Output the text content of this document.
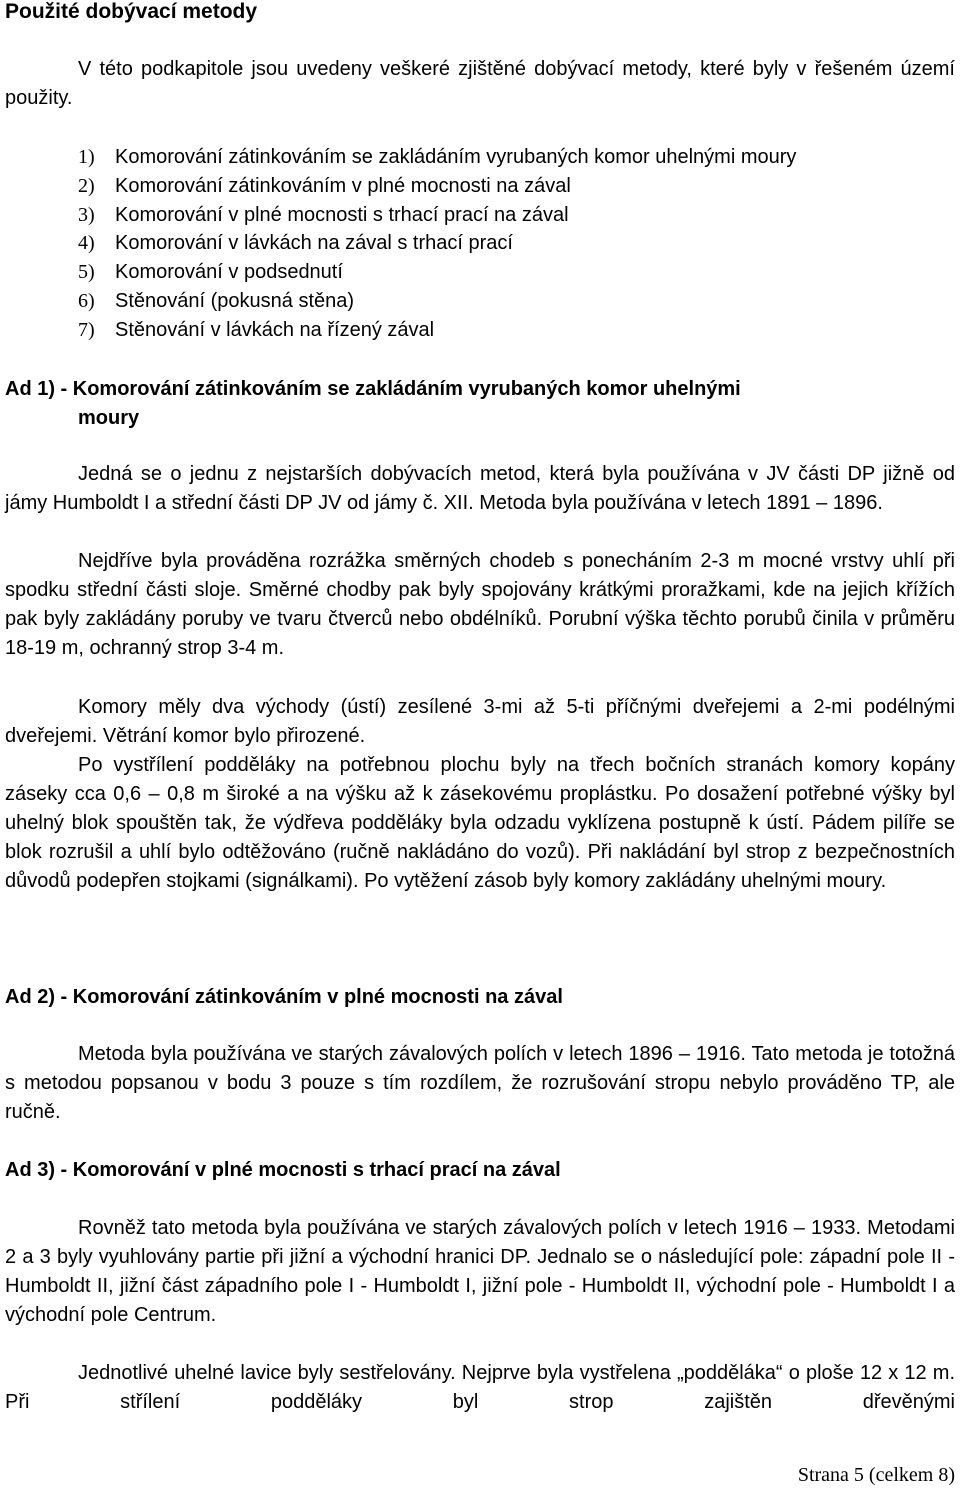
Použité dobývací metody
V této podkapitole jsou uvedeny veškeré zjištěné dobývací metody, které byly v řešeném území použity.
1) Komorování zátinkováním se zakládáním vyrubaných komor uhelnými moury
2) Komorování zátinkováním v plné mocnosti na zával
3) Komorování v plné mocnosti s trhací prací na zával
4) Komorování v lávkách na zával s trhací prací
5) Komorování v podsednutí
6) Stěnování (pokusná stěna)
7) Stěnování v lávkách na řízený zával
Ad 1) - Komorování zátinkováním se zakládáním vyrubaných komor uhelnými
moury
Jedná se o jednu z nejstarších dobývacích metod, která byla používána v JV části DP jižně od jámy Humboldt I a střední části DP JV od jámy č. XII. Metoda byla používána v letech 1891 – 1896.
Nejdříve byla prováděna rozrážka směrných chodeb s ponecháním 2-3 m mocné vrstvy uhlí při spodku střední části sloje. Směrné chodby pak byly spojovány krátkými proražkami, kde na jejich křížích pak byly zakládány poruby ve tvaru čtverců nebo obdélníků. Porubní výška těchto porubů činila v průměru 18-19 m, ochranný strop 3-4 m.
Komory měly dva východy (ústí) zesílené 3-mi až 5-ti příčnými dveřejemi a 2-mi podélnými dveřejemi. Větrání komor bylo přirozené.
Po vystřílení podděláky na potřebnou plochu byly na třech bočních stranách komory kopány záseky cca 0,6 – 0,8 m široké a na výšku až k zásekovému proplástku. Po dosažení potřebné výšky byl uhelný blok spouštěn tak, že výdřeva podděláky byla odzadu vyklízena postupně k ústí. Pádem pilíře se blok rozrušil a uhlí bylo odtěžováno (ručně nakládáno do vozů). Při nakládání byl strop z bezpečnostních důvodů podepřen stojkami (signálkami). Po vytěžení zásob byly komory zakládány uhelnými moury.
Ad 2) - Komorování zátinkováním v plné mocnosti na zával
Metoda byla používána ve starých závalových polích v letech 1896 – 1916. Tato metoda je totožná s metodou popsanou v bodu 3 pouze s tím rozdílem, že rozrušování stropu nebylo prováděno TP, ale ručně.
Ad 3) - Komorování v plné mocnosti s trhací prací na zával
Rovněž tato metoda byla používána ve starých závalových polích v letech 1916 – 1933. Metodami 2 a 3 byly vyuhlovány partie při jižní a východní hranici DP. Jednalo se o následující pole: západní pole II - Humboldt II, jižní část západního pole I - Humboldt I, jižní pole - Humboldt II, východní pole - Humboldt I a východní pole Centrum.
Jednotlivé uhelné lavice byly sestřelovány. Nejprve byla vystřelena „podděláka“ o ploše 12 x 12 m. Při střílení podděláky byl strop zajištěn dřevěnými
Strana 5 (celkem 8)
